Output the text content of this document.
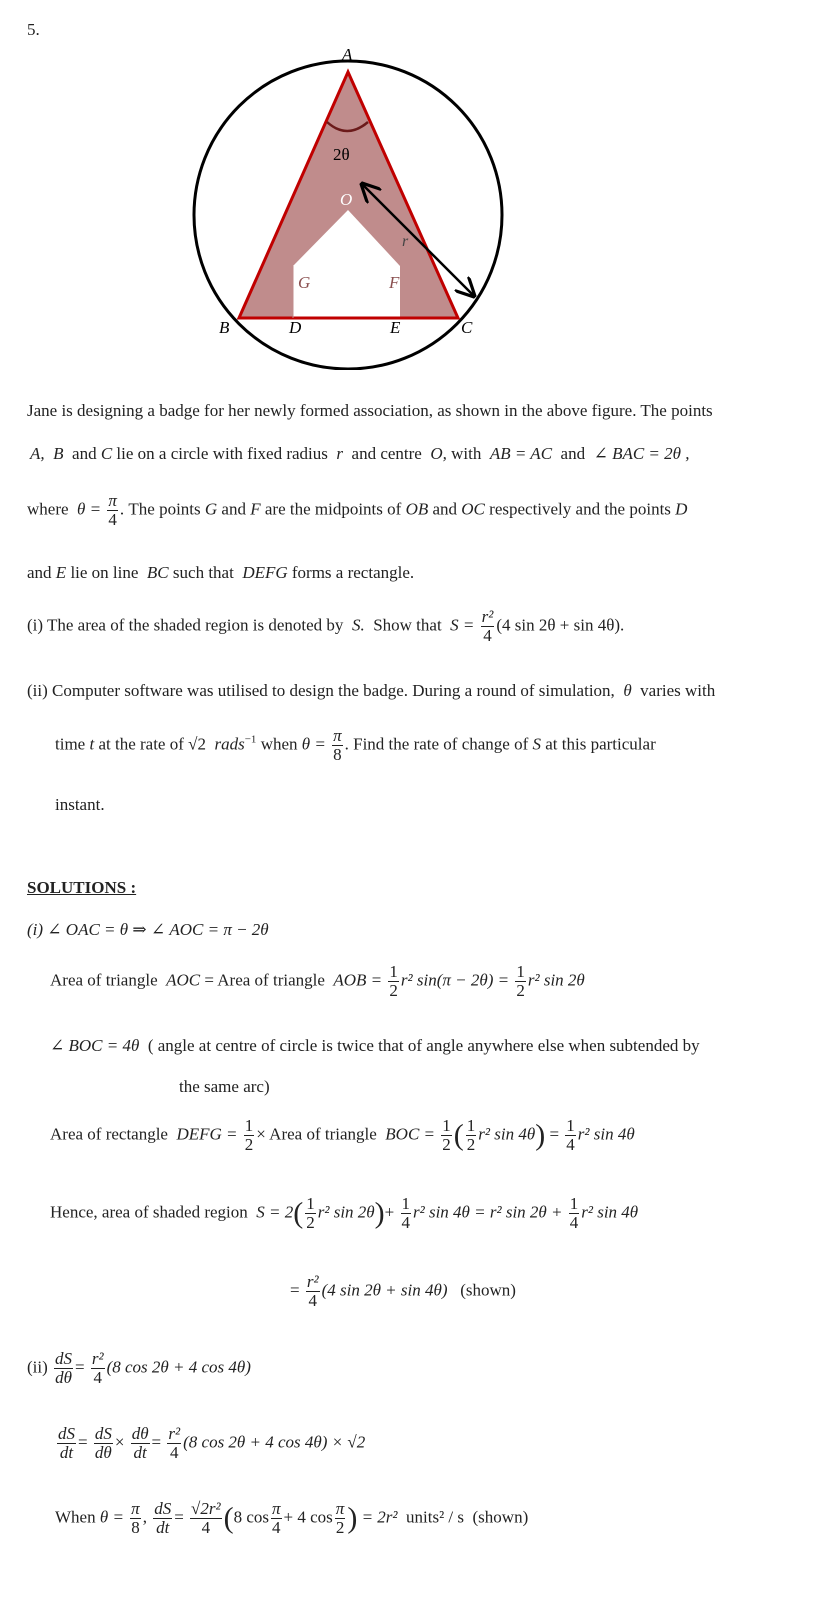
5.
A
B	C
D	E
F
G
O
r
2θ
Jane is designing a badge for her newly formed association, as shown in the above figure. The points
A, B and C lie on a circle with fixed radius r and centre O, with AB = AC and ∠ BAC = 2θ ,
where $\theta = \frac{\pi}{4}$ . The points G and F are the midpoints of OB and OC respectively and the points D
and E lie on line BC such that DEFG forms a rectangle.
(i) The area of the shaded region is denoted by S. Show that $S = \frac{\text{r²}}{4} (4$ sin 2θ + sin 4θ).
(ii) Computer software was utilised to design the badge. During a round of simulation, θ varies with
time t at the rate of √2 rads$^{-1}$ when $\theta = \frac{\pi}{8}$ . Find the rate of change of S at this particular
instant.
SOLUTIONS :
(i) ∠ OAC = θ ⇒ ∠ AOC = π − 2θ
Area of triangle AOC = Area of triangle AOB = $\frac{1}{2} r^2$ $\sin(\pi - 2\theta) = \frac{1}{2} r^2$ sin 2θ
∠ BOC = 4θ ( angle at centre of circle is twice that of angle anywhere else when subtended by
the same arc)
Area of rectangle DEFG = $\frac{1}{2}$ × Area of triangle BOC = $\frac{1}{2}$ ( $\frac{1}{2} r^2$ $\sin 4\theta) = \frac{1}{4} r^2$ sin 4θ
Hence, area of shaded region $S = 2( \frac{1}{2} r^2$ $\sin 2\theta)+ \frac{1}{4} r^2$ sin 4θ = r² $\sin 2\theta + \frac{1}{4} r^2$ sin 4θ
= $\frac{\text{r²}}{4} (4$ sin 2θ + sin 4θ) (shown)
$(ii) \frac{dS}{d\theta} = \frac{\text{r²}}{4} (8$ cos 2θ + 4 cos 4θ)
$\frac{dS}{dt} = \frac{dS}{d\theta} \times \frac{d\theta}{dt} = \frac{\text{r²}}{4} (8$ cos 2θ + 4 cos 4θ) × √2
When $\theta = \frac{\pi}{8}$ , $\frac{dS}{dt} = \frac{\text{√2r²}}{4} (8$ $\cos \frac{\pi}{4} + 4$ $\cos \frac{\pi}{2}$ ) = 2r² units² / s (shown)
